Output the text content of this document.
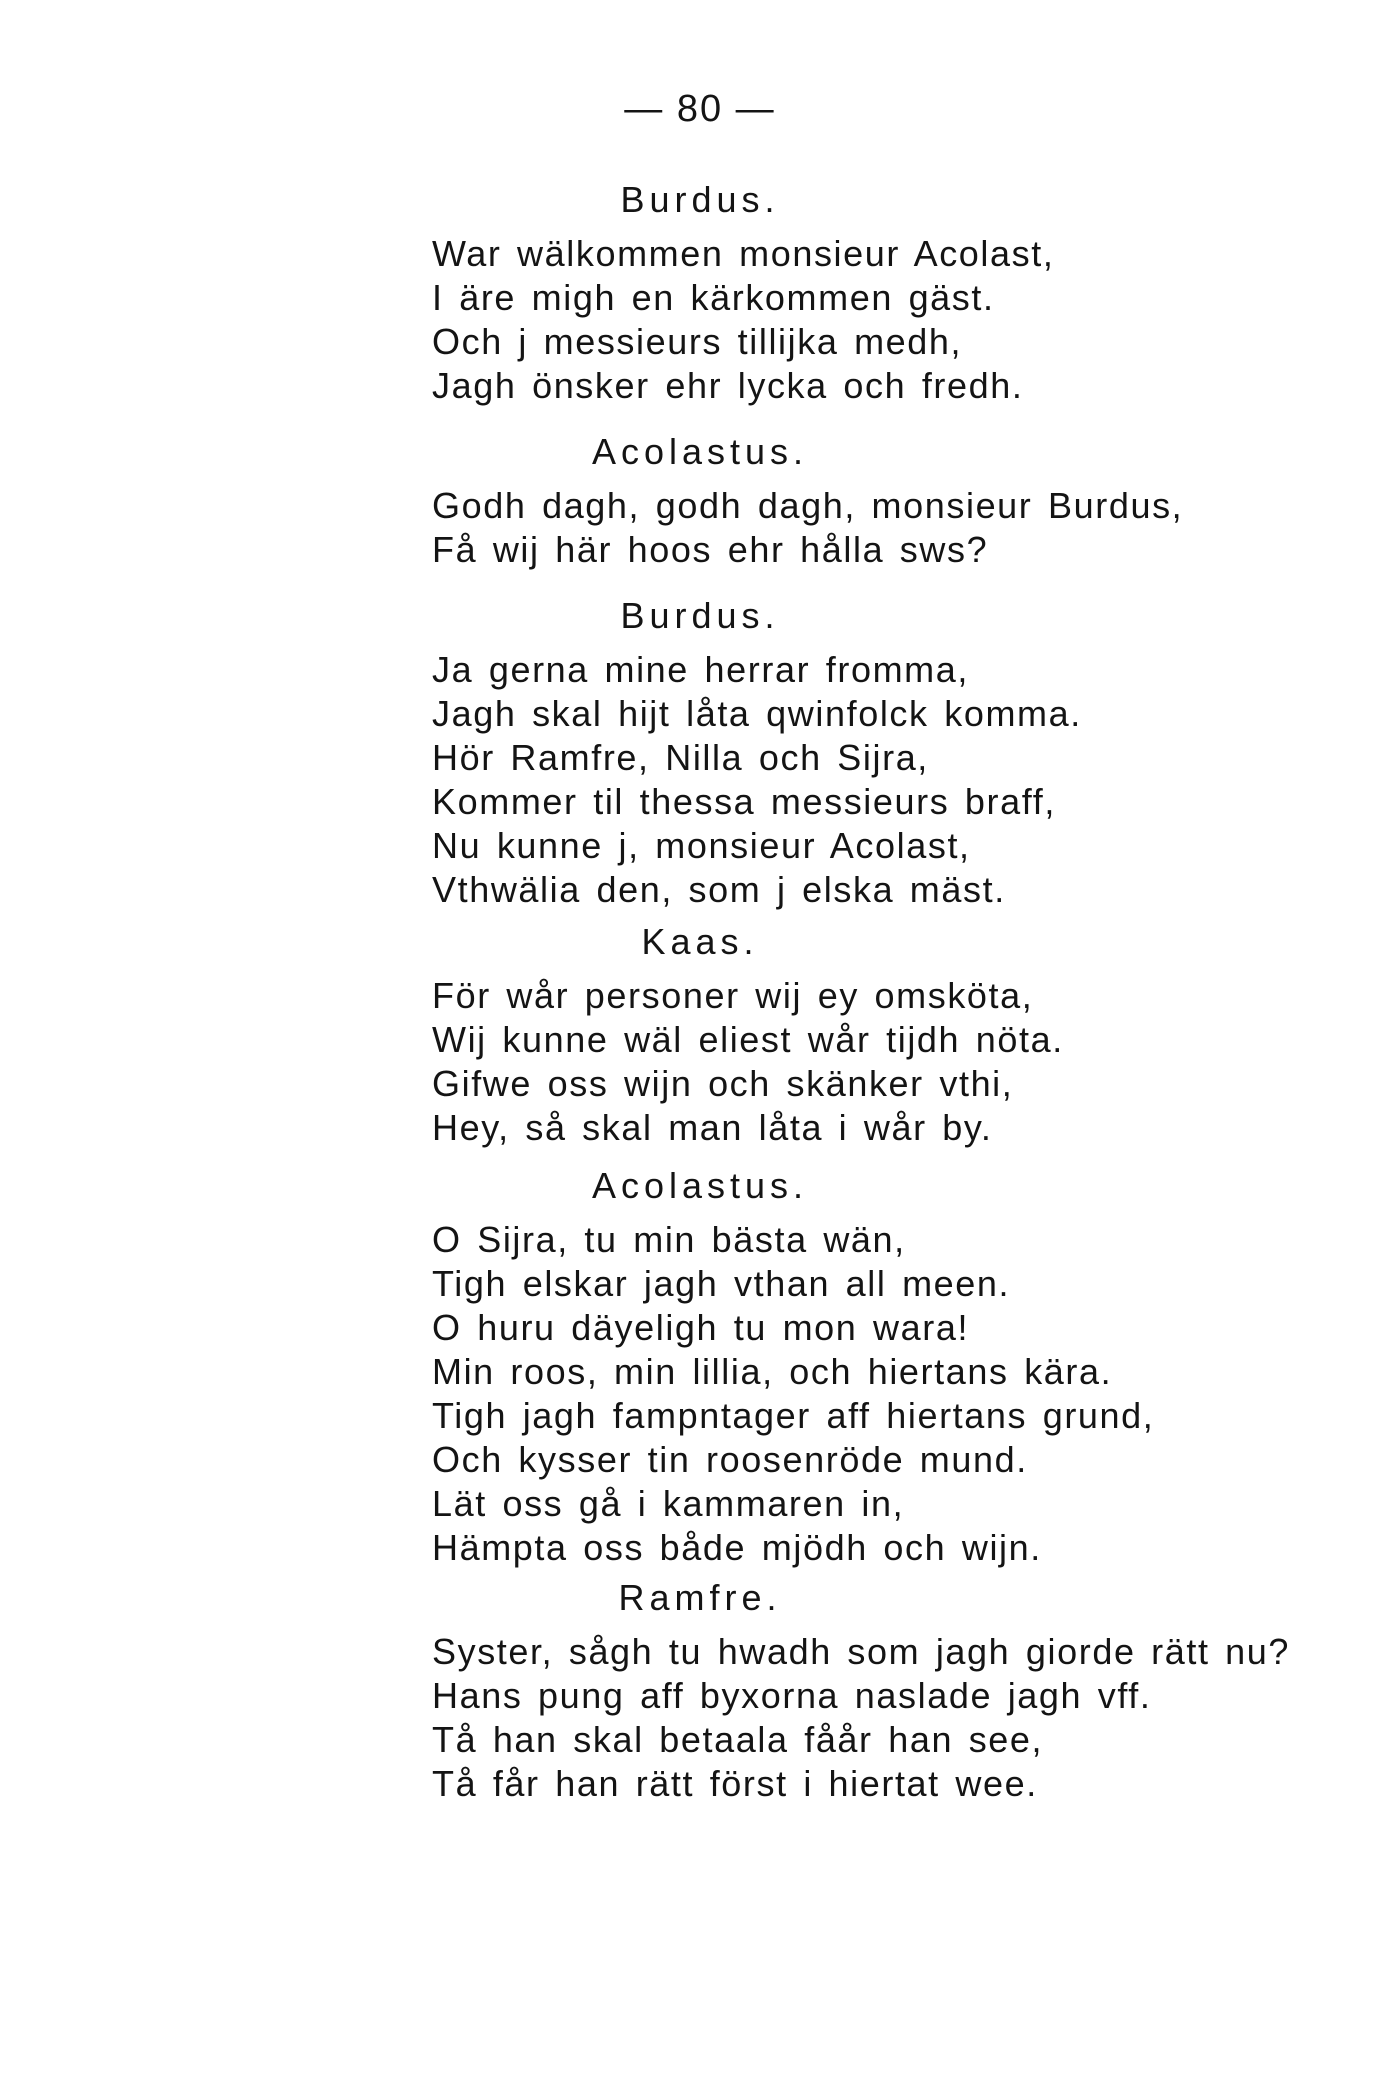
— 80 —
Burdus.
War wälkommen monsieur Acolast,
I äre migh en kärkommen gäst.
Och j messieurs tillijka medh,
Jagh önsker ehr lycka och fredh.
Acolastus.
Godh dagh, godh dagh, monsieur Burdus,
Få wij här hoos ehr hålla sws?
Burdus.
Ja gerna mine herrar fromma,
Jagh skal hijt låta qwinfolck komma.
Hör Ramfre, Nilla och Sijra,
Kommer til thessa messieurs braff,
Nu kunne j, monsieur Acolast,
Vthwälia den, som j elska mäst.
Kaas.
För wår personer wij ey omsköta,
Wij kunne wäl eliest wår tijdh nöta.
Gifwe oss wijn och skänker vthi,
Hey, så skal man låta i wår by.
Acolastus.
O Sijra, tu min bästa wän,
Tigh elskar jagh vthan all meen.
O huru däyeligh tu mon wara!
Min roos, min lillia, och hiertans kära.
Tigh jagh fampntager aff hiertans grund,
Och kysser tin roosenröde mund.
Lät oss gå i kammaren in,
Hämpta oss både mjödh och wijn.
Ramfre.
Syster, sågh tu hwadh som jagh giorde rätt nu?
Hans pung aff byxorna naslade jagh vff.
Tå han skal betaala fåår han see,
Tå får han rätt först i hiertat wee.
